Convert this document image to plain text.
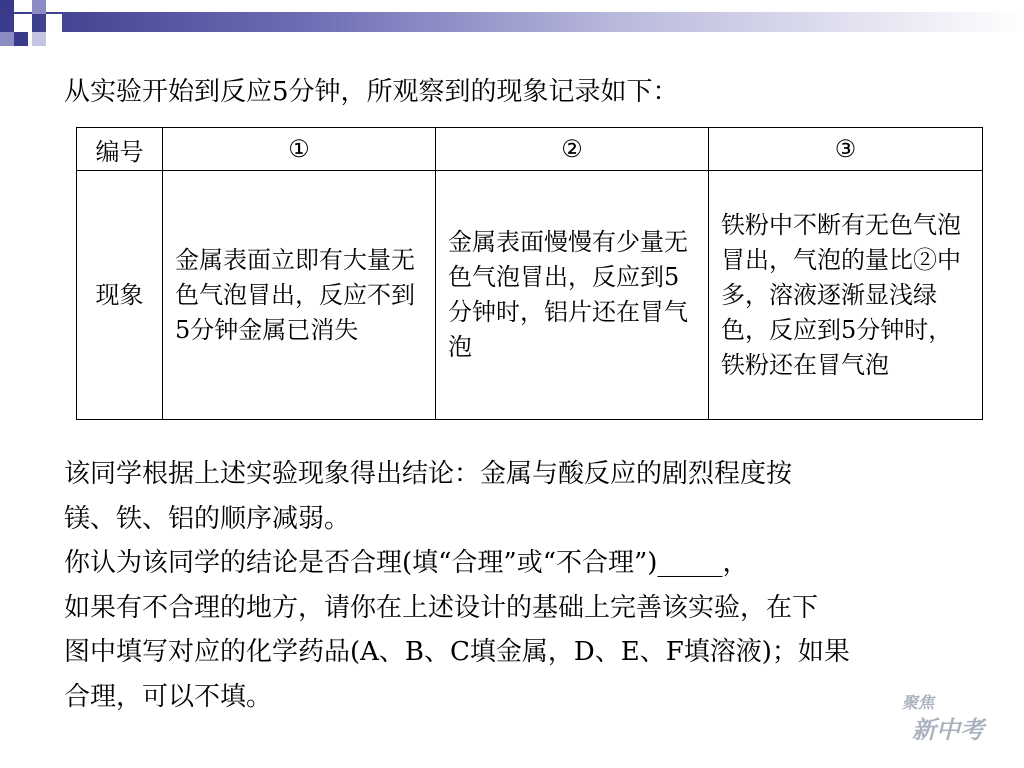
从实验开始到反应5分钟，所观察到的现象记录如下：
编号	①	②	③
现象	金属表面立即有大量无色气泡冒出，反应不到5分钟金属已消失	金属表面慢慢有少量无色气泡冒出，反应到5分钟时，铝片还在冒气泡	铁粉中不断有无色气泡冒出，气泡的量比②中多，溶液逐渐显浅绿色，反应到5分钟时，铁粉还在冒气泡
该同学根据上述实验现象得出结论：金属与酸反应的剧烈程度按
镁、铁、铝的顺序减弱。
你认为该同学的结论是否合理(填“合理”或“不合理”)_____，
如果有不合理的地方，请你在上述设计的基础上完善该实验，在下
图中填写对应的化学药品(A、B、C填金属，D、E、F填溶液)；如果
合理，可以不填。	聚焦
新中考
